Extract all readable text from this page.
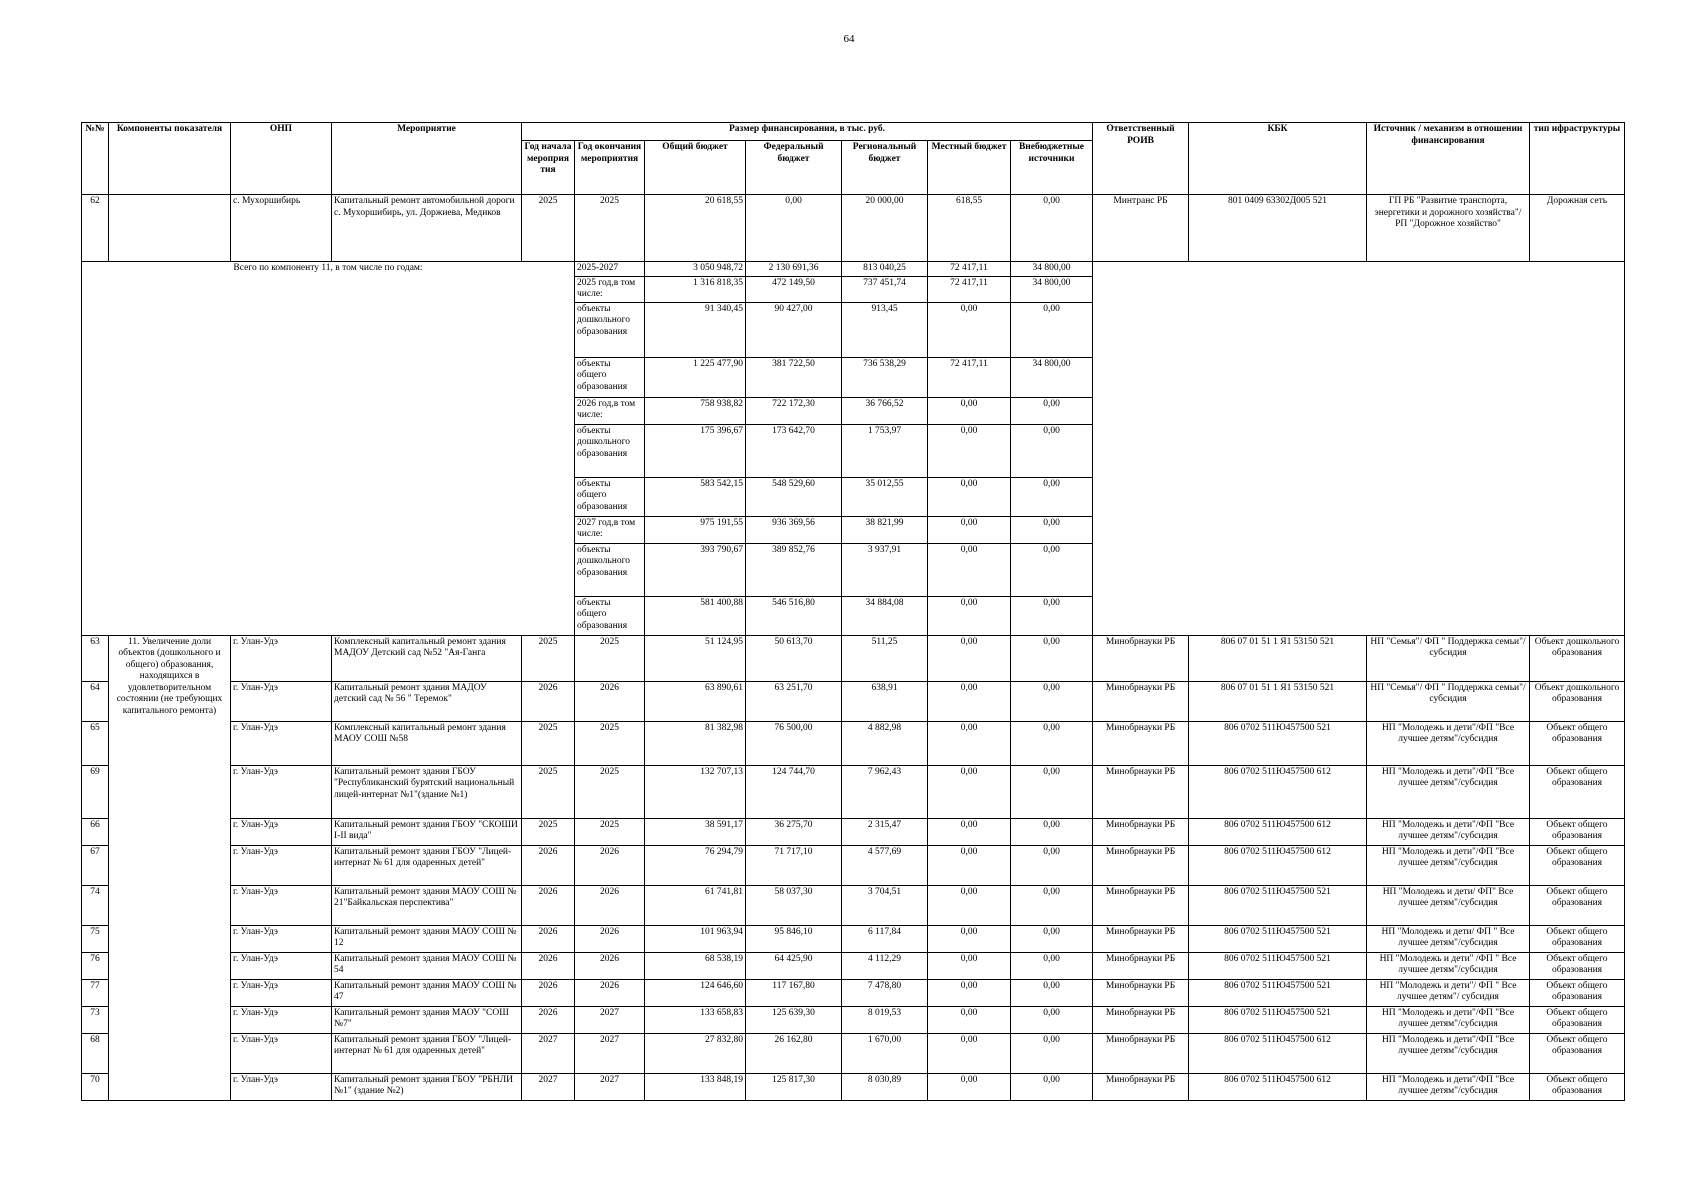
64
№№	Компоненты показателя	ОНП	Мероприятие	Размер финансирования, в тыс. руб.							Ответственный РОИВ	КБК	Источник / механизм в отношении финансирования	тип ифраструктуры
				Год начала мероприя тия	Год окончания мероприятия	Общий бюджет	Федеральный бюджет	Региональный бюджет	Местный бюджет	Внебюджетные источники				
62		с. Мухоршибирь	Капитальный ремонт автомобильной дороги с. Мухоршибирь, ул. Доржиева, Медиков	2025	2025	20 618,55	0,00	20 000,00	618,55	0,00	Минтранс РБ	801 0409 63302Д005 521	ГП РБ "Развитие транспорта, энергетики и дорожного хозяйства"/РП "Дорожное хозяйство"	Дорожная сеть
Всего по компоненту 11, в том числе по годам:					2025-2027	3 050 948,72	2 130 691,36	813 040,25	72 417,11	34 800,00				
					2025 год,в том числе:	1 316 818,35	472 149,50	737 451,74	72 417,11	34 800,00				
					объекты дошкольного образования	91 340,45	90 427,00	913,45	0,00	0,00				
					объекты общего образования	1 225 477,90	381 722,50	736 538,29	72 417,11	34 800,00				
					2026 год,в том числе:	758 938,82	722 172,30	36 766,52	0,00	0,00				
					объекты дошкольного образования	175 396,67	173 642,70	1 753,97	0,00	0,00				
					объекты общего образования	583 542,15	548 529,60	35 012,55	0,00	0,00				
					2027 год,в том числе:	975 191,55	936 369,56	38 821,99	0,00	0,00				
					объекты дошкольного образования	393 790,67	389 852,76	3 937,91	0,00	0,00				
					объекты общего образования	581 400,88	546 516,80	34 884,08	0,00	0,00				
63	11. Увеличение доли объектов (дошкольного и общего) образования, находящихся в удовлетворительном состоянии (не требующих капитального ремонта)	г. Улан-Удэ	Комплексный капитальный ремонт здания МАДОУ Детский сад №52 "Ая-Ганга	2025	2025	51 124,95	50 613,70	511,25	0,00	0,00	Минобрнауки РБ	806 07 01 51 1 Я1 53150 521	НП "Семья"/ ФП " Поддержка семьи"/субсидия	Объект дошкольного образования
64		г. Улан-Удэ	Капитальный ремонт здания МАДОУ детский сад № 56 " Теремок"	2026	2026	63 890,61	63 251,70	638,91	0,00	0,00	Минобрнауки РБ	806 07 01 51 1 Я1 53150 521	НП "Семья"/ ФП " Поддержка семьи"/субсидия	Объект дошкольного образования
65		г. Улан-Удэ	Комплексный капитальный ремонт здания МАОУ СОШ №58	2025	2025	81 382,98	76 500,00	4 882,98	0,00	0,00	Минобрнауки РБ	806 0702 511Ю457500 521	НП "Молодежь и дети"/ФП "Все лучшее детям"/субсидия	Объект общего образования
69		г. Улан-Удэ	Капитальный ремонт здания ГБОУ "Республиканский бурятский национальный лицей-интернат №1"(здание №1)	2025	2025	132 707,13	124 744,70	7 962,43	0,00	0,00	Минобрнауки РБ	806 0702 511Ю457500 612	НП "Молодежь и дети"/ФП "Все лучшее детям"/субсидия	Объект общего образования
66		г. Улан-Удэ	Капитальный ремонт здания ГБОУ "СКОШИ I-II вида"	2025	2025	38 591,17	36 275,70	2 315,47	0,00	0,00	Минобрнауки РБ	806 0702 511Ю457500 612	НП "Молодежь и дети"/ФП "Все лучшее детям"/субсидия	Объект общего образования
67		г. Улан-Удэ	Капитальный ремонт здания ГБОУ "Лицей-интернат № 61 для одаренных детей"	2026	2026	76 294,79	71 717,10	4 577,69	0,00	0,00	Минобрнауки РБ	806 0702 511Ю457500 612	НП "Молодежь и дети"/ФП "Все лучшее детям"/субсидия	Объект общего образования
74		г. Улан-Удэ	Капитальный ремонт здания МАОУ СОШ № 21"Байкальская перспектива"	2026	2026	61 741,81	58 037,30	3 704,51	0,00	0,00	Минобрнауки РБ	806 0702 511Ю457500 521	НП "Молодежь и дети/ ФП" Все лучшее детям"/субсидия	Объект общего образования
75		г. Улан-Удэ	Капитальный ремонт здания МАОУ СОШ № 12	2026	2026	101 963,94	95 846,10	6 117,84	0,00	0,00	Минобрнауки РБ	806 0702 511Ю457500 521	НП "Молодежь и дети/ ФП " Все лучшее детям"/субсидия	Объект общего образования
76		г. Улан-Удэ	Капитальный ремонт здания МАОУ СОШ № 54	2026	2026	68 538,19	64 425,90	4 112,29	0,00	0,00	Минобрнауки РБ	806 0702 511Ю457500 521	НП "Молодежь и дети" /ФП " Все лучшее детям"/субсидия	Объект общего образования
77		г. Улан-Удэ	Капитальный ремонт здания МАОУ СОШ № 47	2026	2026	124 646,60	117 167,80	7 478,80	0,00	0,00	Минобрнауки РБ	806 0702 511Ю457500 521	НП "Молодежь и дети"/ ФП " Все лучшее детям"/ субсидия	Объект общего образования
73		г. Улан-Удэ	Капитальный ремонт здания МАОУ "СОШ №7"	2026	2027	133 658,83	125 639,30	8 019,53	0,00	0,00	Минобрнауки РБ	806 0702 511Ю457500 521	НП "Молодежь и дети"/ФП "Все лучшее детям"/субсидия	Объект общего образования
68		г. Улан-Удэ	Капитальный ремонт здания ГБОУ "Лицей-интернат № 61 для одаренных детей"	2027	2027	27 832,80	26 162,80	1 670,00	0,00	0,00	Минобрнауки РБ	806 0702 511Ю457500 612	НП "Молодежь и дети"/ФП "Все лучшее детям"/субсидия	Объект общего образования
70		г. Улан-Удэ	Капитальный ремонт здания ГБОУ "РБНЛИ №1" (здание №2)	2027	2027	133 848,19	125 817,30	8 030,89	0,00	0,00	Минобрнауки РБ	806 0702 511Ю457500 612	НП "Молодежь и дети"/ФП "Все лучшее детям"/субсидия	Объект общего образования
